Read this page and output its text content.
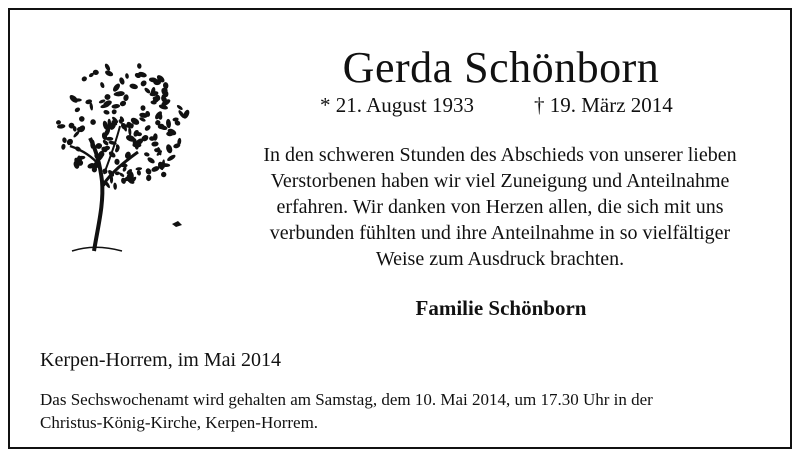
Gerda Schönborn
* 21. August 1933	† 19. März 2014

In den schweren Stunden des Abschieds von unserer lieben
Verstorbenen haben wir viel Zuneigung und Anteilnahme
erfahren. Wir danken von Herzen allen, die sich mit uns
verbunden fühlten und ihre Anteilnahme in so vielfältiger
Weise zum Ausdruck brachten.

Familie Schönborn

Kerpen-Horrem, im Mai 2014

Das Sechswochenamt wird gehalten am Samstag, dem 10. Mai 2014, um 17.30 Uhr in der
Christus-König-Kirche, Kerpen-Horrem.
